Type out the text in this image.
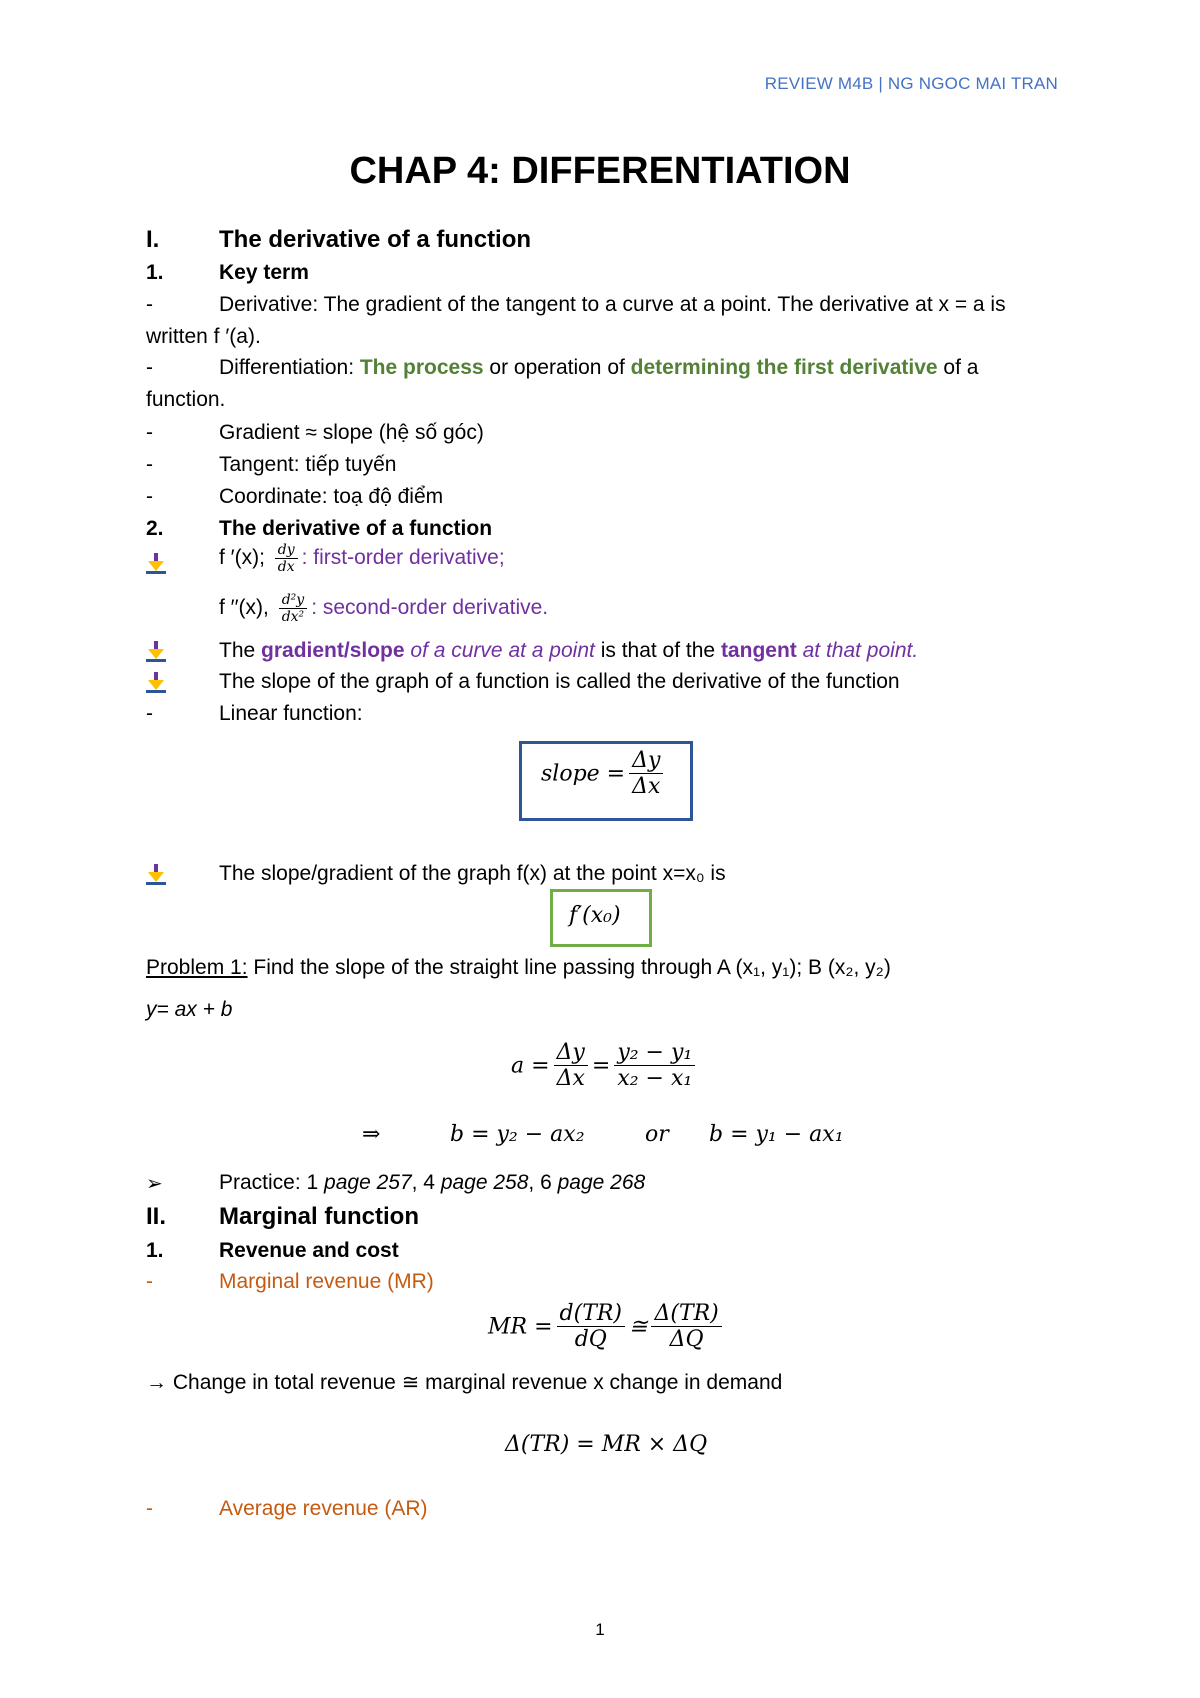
REVIEW M4B | NG NGOC MAI TRAN
CHAP 4: DIFFERENTIATION
I. The derivative of a function
1.	Key term
-	Derivative: The gradient of the tangent to a curve at a point. The derivative at x = a is
written f ′(a).
-	Differentiation: The process or operation of determining the first derivative of a
function.
-	Gradient ≈ slope (hệ số góc)
-	Tangent: tiếp tuyến
-	Coordinate: toạ độ điểm
2.	The derivative of a function
f ′(x); $\frac{dy}{dx}$ : first-order derivative;
f ′′(x), $\frac{\text{d²y}}{\text{dx²}}$ : second-order derivative.
The gradient/slope of a curve at a point is that of the tangent at that point.
The slope of the graph of a function is called the derivative of the function
-	Linear function:
slope = $\frac{\Delta y}{\Delta x}$
The slope/gradient of the graph f(x) at the point x=x₀ is
f′(x₀)
Problem 1: Find the slope of the straight line passing through A (x₁, y₁); B (x₂, y₂)
y= ax + b
$a = \frac{\Delta y}{\Delta x} = \frac{\text{y₂ − y₁}}{\text{x₂ − x₁}}$
⇒	b = y₂ − ax₂	or b = y₁ − ax₁
➢	Practice: 1 page 257, 4 page 258, 6 page 268
II. Marginal function
1.	Revenue and cost
-	Marginal revenue (MR)
MR = $\frac{d(TR)}{dQ}$ ≅ $\frac{\Delta(TR)}{\Delta Q}$
→ Change in total revenue ≅ marginal revenue x change in demand
Δ(TR) = MR × ΔQ
-	Average revenue (AR)
1
